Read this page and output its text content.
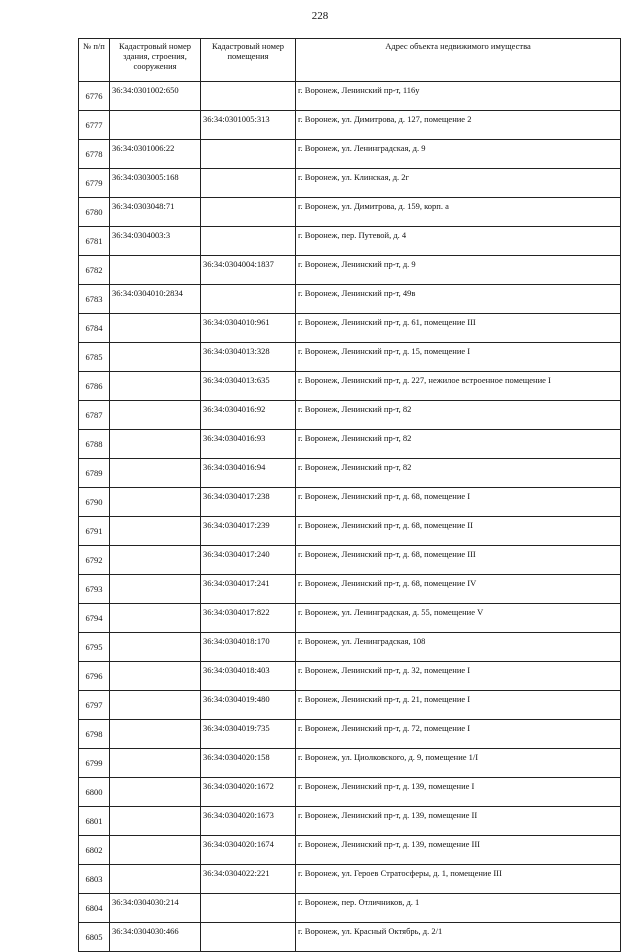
228
№ п/п	Кадастровый номер здания, строения, сооружения	Кадастровый номер помещения	Адрес объекта недвижимого имущества
6776	36:34:0301002:650		г. Воронеж, Ленинский пр-т, 116у
6777		36:34:0301005:313	г. Воронеж, ул. Димитрова, д. 127, помещение 2
6778	36:34:0301006:22		г. Воронеж, ул. Ленинградская, д. 9
6779	36:34:0303005:168		г. Воронеж, ул. Клинская, д. 2г
6780	36:34:0303048:71		г. Воронеж, ул. Димитрова, д. 159, корп. а
6781	36:34:0304003:3		г. Воронеж, пер. Путевой, д. 4
6782		36:34:0304004:1837	г. Воронеж, Ленинский пр-т, д. 9
6783	36:34:0304010:2834		г. Воронеж, Ленинский пр-т, 49в
6784		36:34:0304010:961	г. Воронеж, Ленинский пр-т, д. 61, помещение III
6785		36:34:0304013:328	г. Воронеж, Ленинский пр-т, д. 15, помещение I
6786		36:34:0304013:635	г. Воронеж, Ленинский пр-т, д. 227, нежилое встроенное помещение I
6787		36:34:0304016:92	г. Воронеж, Ленинский пр-т, 82
6788		36:34:0304016:93	г. Воронеж, Ленинский пр-т, 82
6789		36:34:0304016:94	г. Воронеж, Ленинский пр-т, 82
6790		36:34:0304017:238	г. Воронеж, Ленинский пр-т, д. 68, помещение I
6791		36:34:0304017:239	г. Воронеж, Ленинский пр-т, д. 68, помещение II
6792		36:34:0304017:240	г. Воронеж, Ленинский пр-т, д. 68, помещение III
6793		36:34:0304017:241	г. Воронеж, Ленинский пр-т, д. 68, помещение IV
6794		36:34:0304017:822	г. Воронеж, ул. Ленинградская, д. 55, помещение V
6795		36:34:0304018:170	г. Воронеж, ул. Ленинградская, 108
6796		36:34:0304018:403	г. Воронеж, Ленинский пр-т, д. 32, помещение I
6797		36:34:0304019:480	г. Воронеж, Ленинский пр-т, д. 21, помещение I
6798		36:34:0304019:735	г. Воронеж, Ленинский пр-т, д. 72, помещение I
6799		36:34:0304020:158	г. Воронеж, ул. Циолковского, д. 9, помещение 1/I
6800		36:34:0304020:1672	г. Воронеж, Ленинский пр-т, д. 139, помещение I
6801		36:34:0304020:1673	г. Воронеж, Ленинский пр-т, д. 139, помещение II
6802		36:34:0304020:1674	г. Воронеж, Ленинский пр-т, д. 139, помещение III
6803		36:34:0304022:221	г. Воронеж, ул. Героев Стратосферы, д. 1, помещение III
6804	36:34:0304030:214		г. Воронеж, пер. Отличников, д. 1
6805	36:34:0304030:466		г. Воронеж, ул. Красный Октябрь, д. 2/1
